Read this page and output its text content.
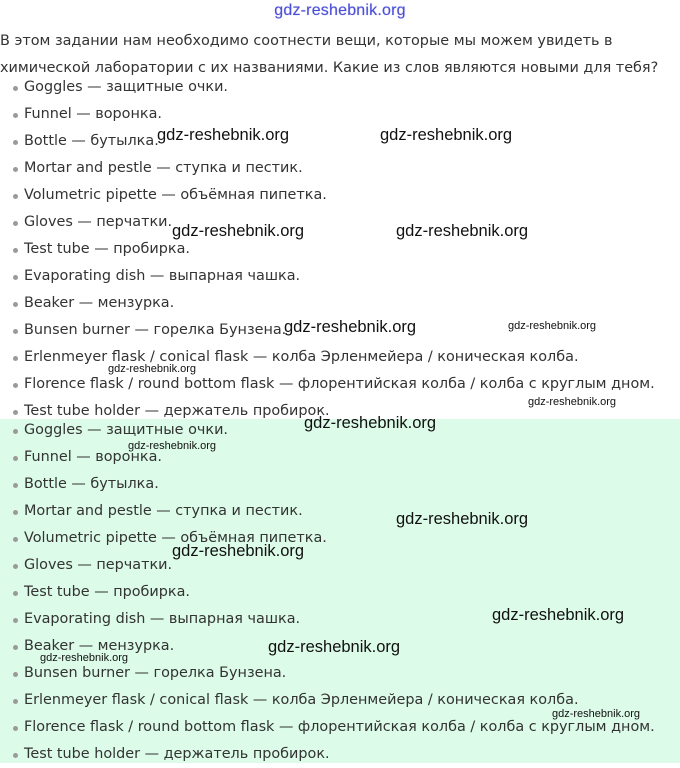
gdz-reshebnik.org
В этом задании нам необходимо соотнести вещи, которые мы можем увидеть в химической лаборатории с их названиями. Какие из слов являются новыми для тебя?
Goggles — защитные очки.
Funnel — воронка.
Bottle — бутылка.
Mortar and pestle — ступка и пестик.
Volumetric pipette — объёмная пипетка.
Gloves — перчатки.
Test tube — пробирка.
Evaporating dish — выпарная чашка.
Beaker — мензурка.
Bunsen burner — горелка Бунзена.
Erlenmeyer flask / conical flask — колба Эрленмейера / коническая колба.
Florence flask / round bottom flask — флорентийская колба / колба с круглым дном.
Test tube holder — держатель пробирок.
Goggles — защитные очки.
Funnel — воронка.
Bottle — бутылка.
Mortar and pestle — ступка и пестик.
Volumetric pipette — объёмная пипетка.
Gloves — перчатки.
Test tube — пробирка.
Evaporating dish — выпарная чашка.
Beaker — мензурка.
Bunsen burner — горелка Бунзена.
Erlenmeyer flask / conical flask — колба Эрленмейера / коническая колба.
Florence flask / round bottom flask — флорентийская колба / колба с круглым дном.
Test tube holder — держатель пробирок.
gdz-reshebnik.org	gdz-reshebnik.org
gdz-reshebnik.org	gdz-reshebnik.org
gdz-reshebnik.org	gdz-reshebnik.org
gdz-reshebnik.org
gdz-reshebnik.org
gdz-reshebnik.org
gdz-reshebnik.org
gdz-reshebnik.org
gdz-reshebnik.org
gdz-reshebnik.org
gdz-reshebnik.org
gdz-reshebnik.org
gdz-reshebnik.org
